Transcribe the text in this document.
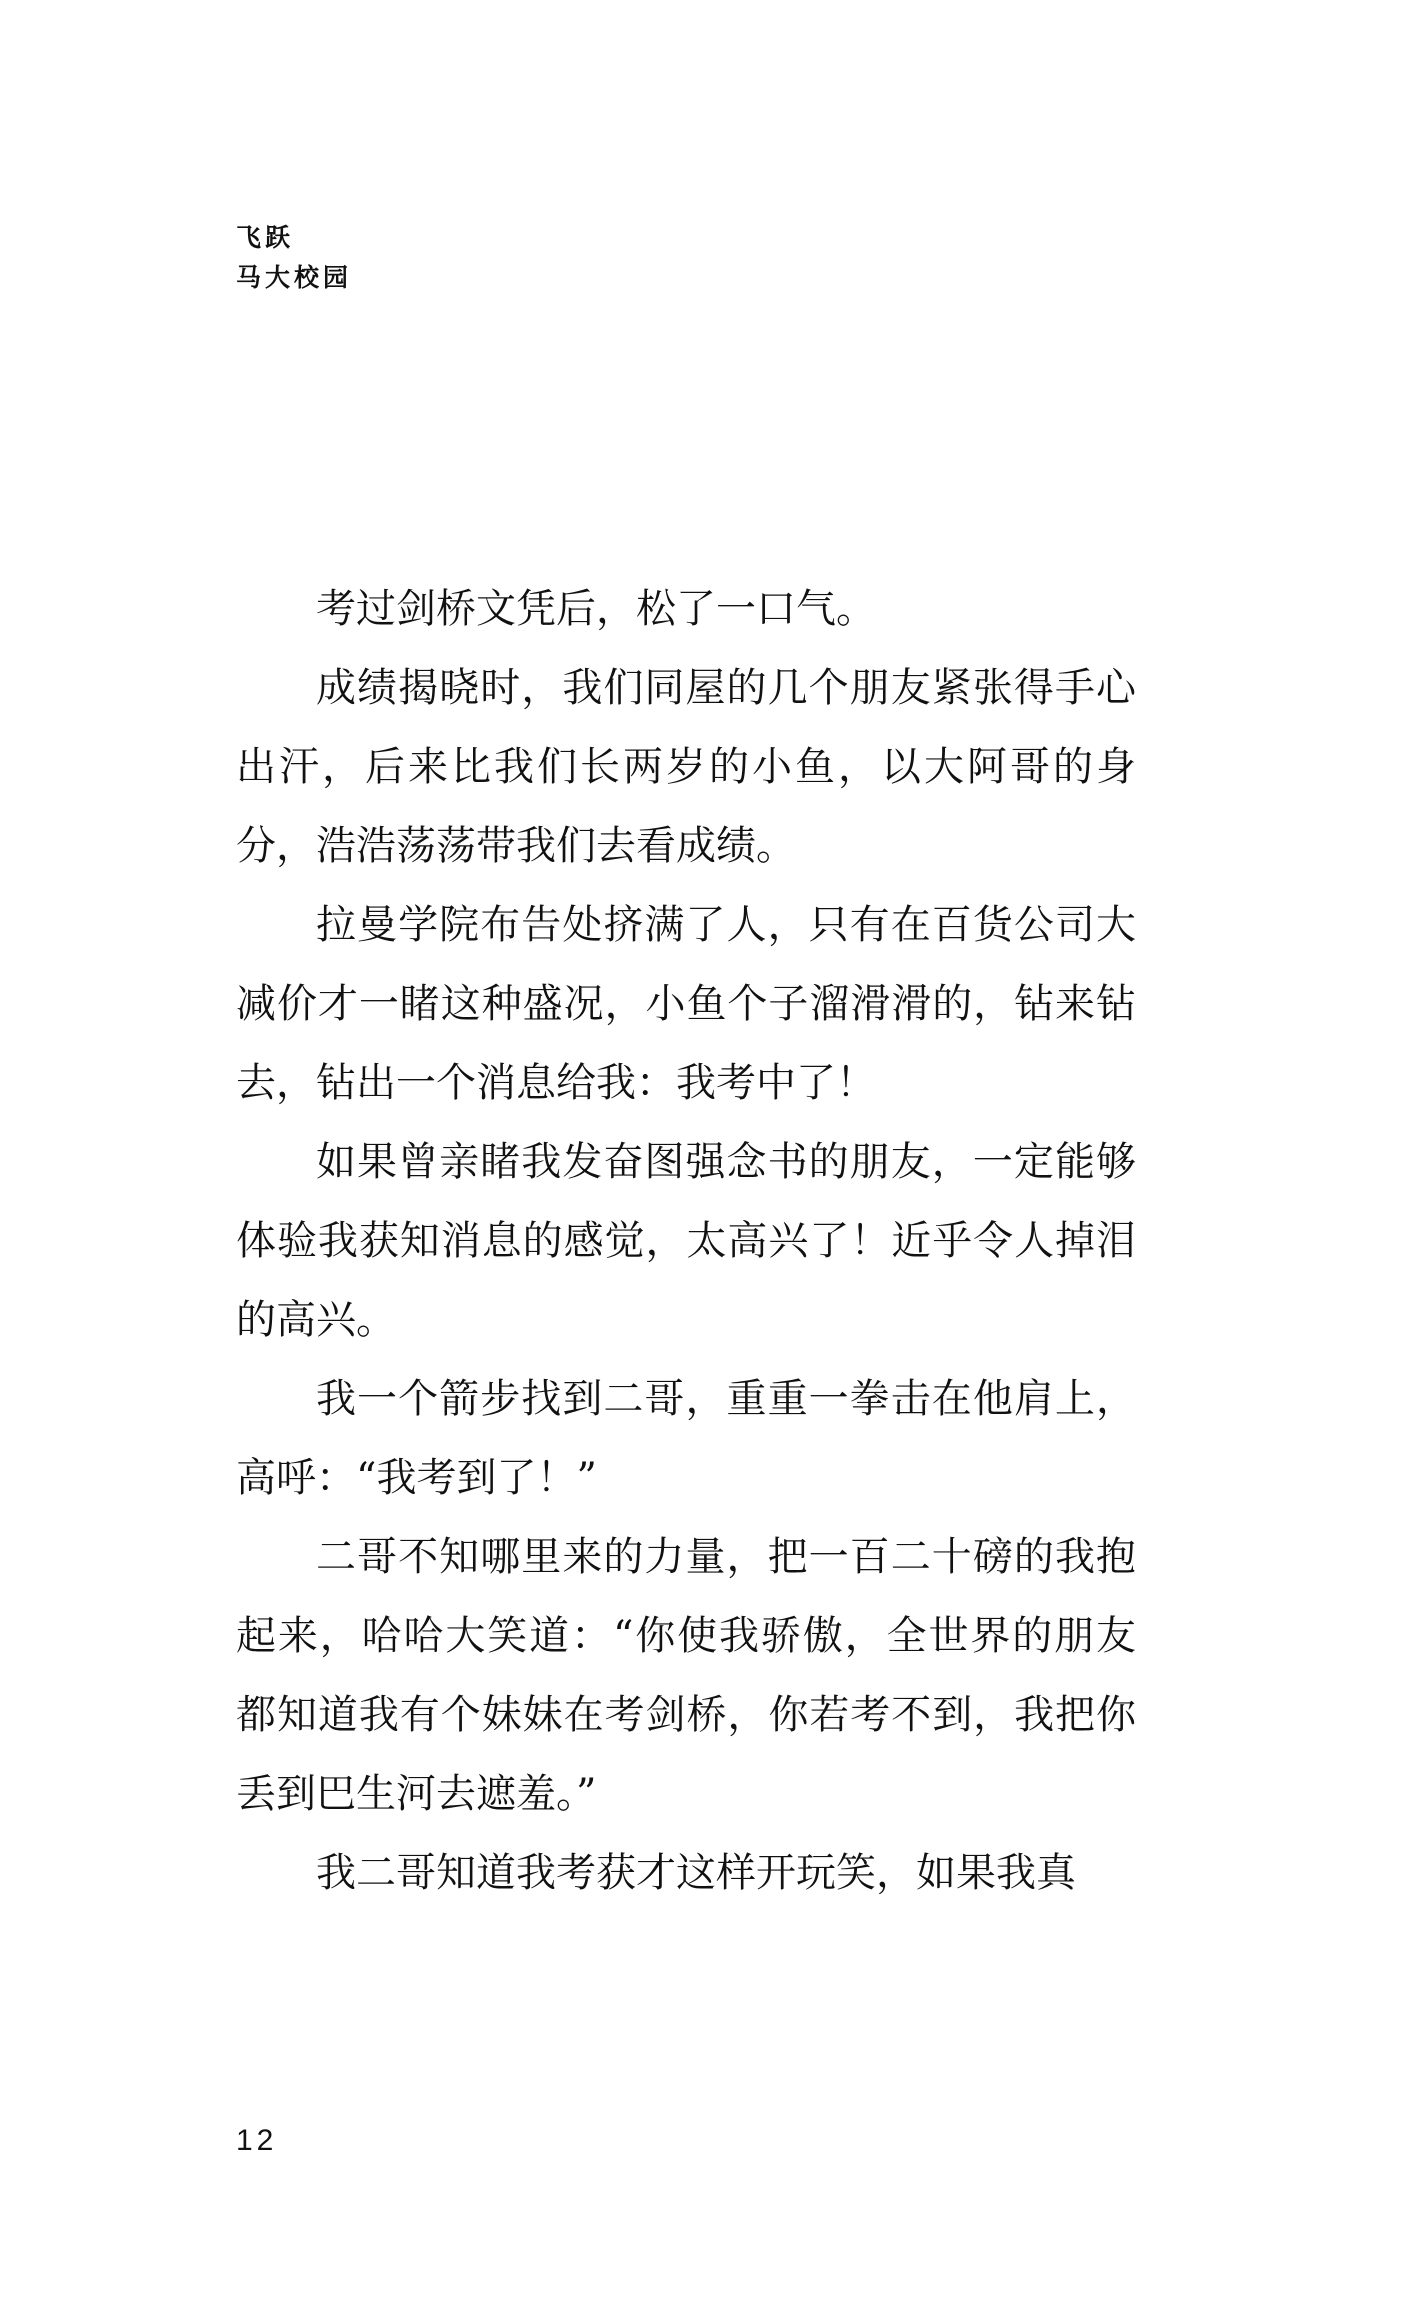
飞跃
马大校园

考过剑桥文凭后，松了一口气。

成绩揭晓时，我们同屋的几个朋友紧张得手心出汗，后来比我们长两岁的小鱼，以大阿哥的身分，浩浩荡荡带我们去看成绩。

拉曼学院布告处挤满了人，只有在百货公司大减价才一睹这种盛况，小鱼个子溜滑滑的，钻来钻去，钻出一个消息给我：我考中了！

如果曾亲睹我发奋图强念书的朋友，一定能够体验我获知消息的感觉，太高兴了！近乎令人掉泪的高兴。

我一个箭步找到二哥，重重一拳击在他肩上，高呼：“我考到了！”

二哥不知哪里来的力量，把一百二十磅的我抱起来，哈哈大笑道：“你使我骄傲，全世界的朋友都知道我有个妹妹在考剑桥，你若考不到，我把你丢到巴生河去遮羞。”

我二哥知道我考获才这样开玩笑，如果我真

12
